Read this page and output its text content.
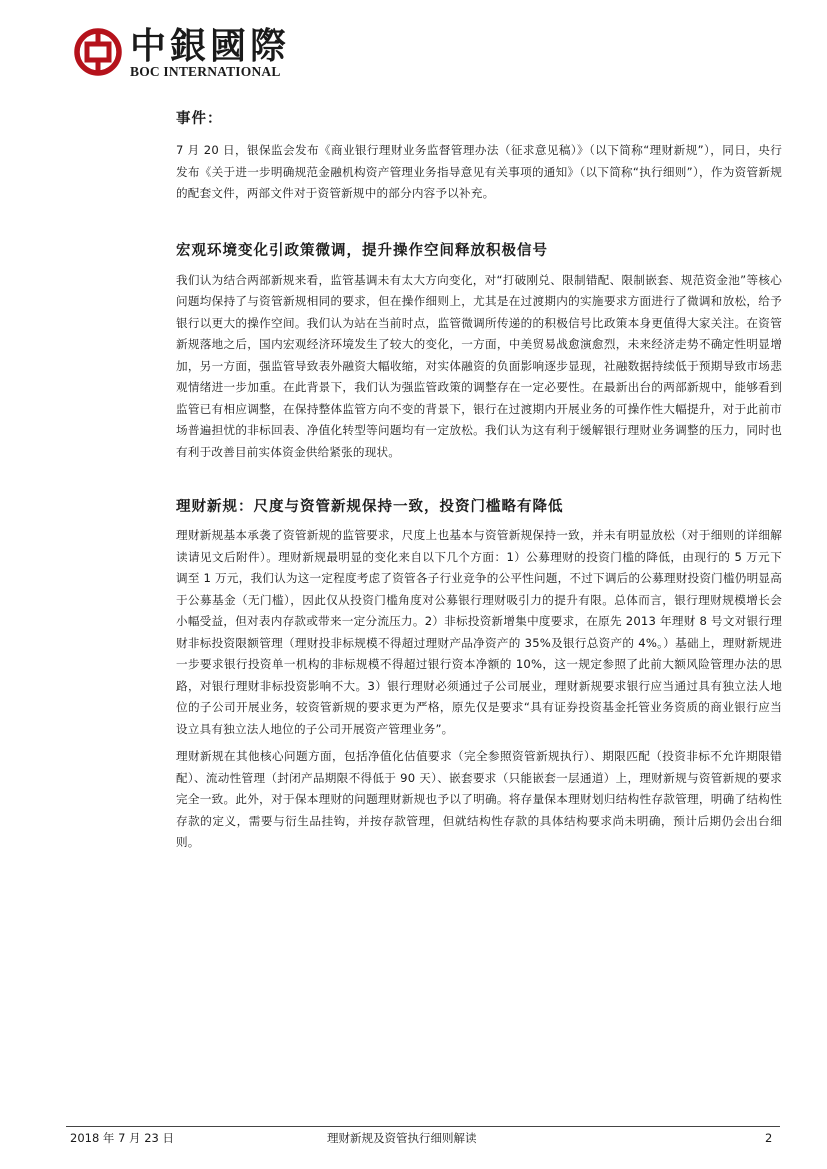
中銀國際
BOC INTERNATIONAL
事件：

7 月 20 日，银保监会发布《商业银行理财业务监督管理办法（征求意见稿）》（以下简称“理财新规”），同日，央行发布《关于进一步明确规范金融机构资产管理业务指导意见有关事项的通知》（以下简称“执行细则”），作为资管新规的配套文件，两部文件对于资管新规中的部分内容予以补充。

宏观环境变化引政策微调，提升操作空间释放积极信号

我们认为结合两部新规来看，监管基调未有太大方向变化，对“打破刚兑、限制错配、限制嵌套、规范资金池”等核心问题均保持了与资管新规相同的要求，但在操作细则上，尤其是在过渡期内的实施要求方面进行了微调和放松，给予银行以更大的操作空间。我们认为站在当前时点，监管微调所传递的的积极信号比政策本身更值得大家关注。在资管新规落地之后，国内宏观经济环境发生了较大的变化，一方面，中美贸易战愈演愈烈，未来经济走势不确定性明显增加，另一方面，强监管导致表外融资大幅收缩，对实体融资的负面影响逐步显现，社融数据持续低于预期导致市场悲观情绪进一步加重。在此背景下，我们认为强监管政策的调整存在一定必要性。在最新出台的两部新规中，能够看到监管已有相应调整，在保持整体监管方向不变的背景下，银行在过渡期内开展业务的可操作性大幅提升，对于此前市场普遍担忧的非标回表、净值化转型等问题均有一定放松。我们认为这有利于缓解银行理财业务调整的压力，同时也有利于改善目前实体资金供给紧张的现状。

理财新规：尺度与资管新规保持一致，投资门槛略有降低

理财新规基本承袭了资管新规的监管要求，尺度上也基本与资管新规保持一致，并未有明显放松（对于细则的详细解读请见文后附件）。理财新规最明显的变化来自以下几个方面：1）公募理财的投资门槛的降低，由现行的 5 万元下调至 1 万元，我们认为这一定程度考虑了资管各子行业竞争的公平性问题，不过下调后的公募理财投资门槛仍明显高于公募基金（无门槛），因此仅从投资门槛角度对公募银行理财吸引力的提升有限。总体而言，银行理财规模增长会小幅受益，但对表内存款或带来一定分流压力。2）非标投资新增集中度要求，在原先 2013 年理财 8 号文对银行理财非标投资限额管理（理财投非标规模不得超过理财产品净资产的 35%及银行总资产的 4%。）基础上，理财新规进一步要求银行投资单一机构的非标规模不得超过银行资本净额的 10%，这一规定参照了此前大额风险管理办法的思路，对银行理财非标投资影响不大。3）银行理财必须通过子公司展业，理财新规要求银行应当通过具有独立法人地位的子公司开展业务，较资管新规的要求更为严格，原先仅是要求“具有证券投资基金托管业务资质的商业银行应当设立具有独立法人地位的子公司开展资产管理业务”。

理财新规在其他核心问题方面，包括净值化估值要求（完全参照资管新规执行）、期限匹配（投资非标不允许期限错配）、流动性管理（封闭产品期限不得低于 90 天）、嵌套要求（只能嵌套一层通道）上，理财新规与资管新规的要求完全一致。此外，对于保本理财的问题理财新规也予以了明确。将存量保本理财划归结构性存款管理，明确了结构性存款的定义，需要与衍生品挂钩，并按存款管理，但就结构性存款的具体结构要求尚未明确，预计后期仍会出台细则。

2018 年 7 月 23 日	理财新规及资管执行细则解读	2
